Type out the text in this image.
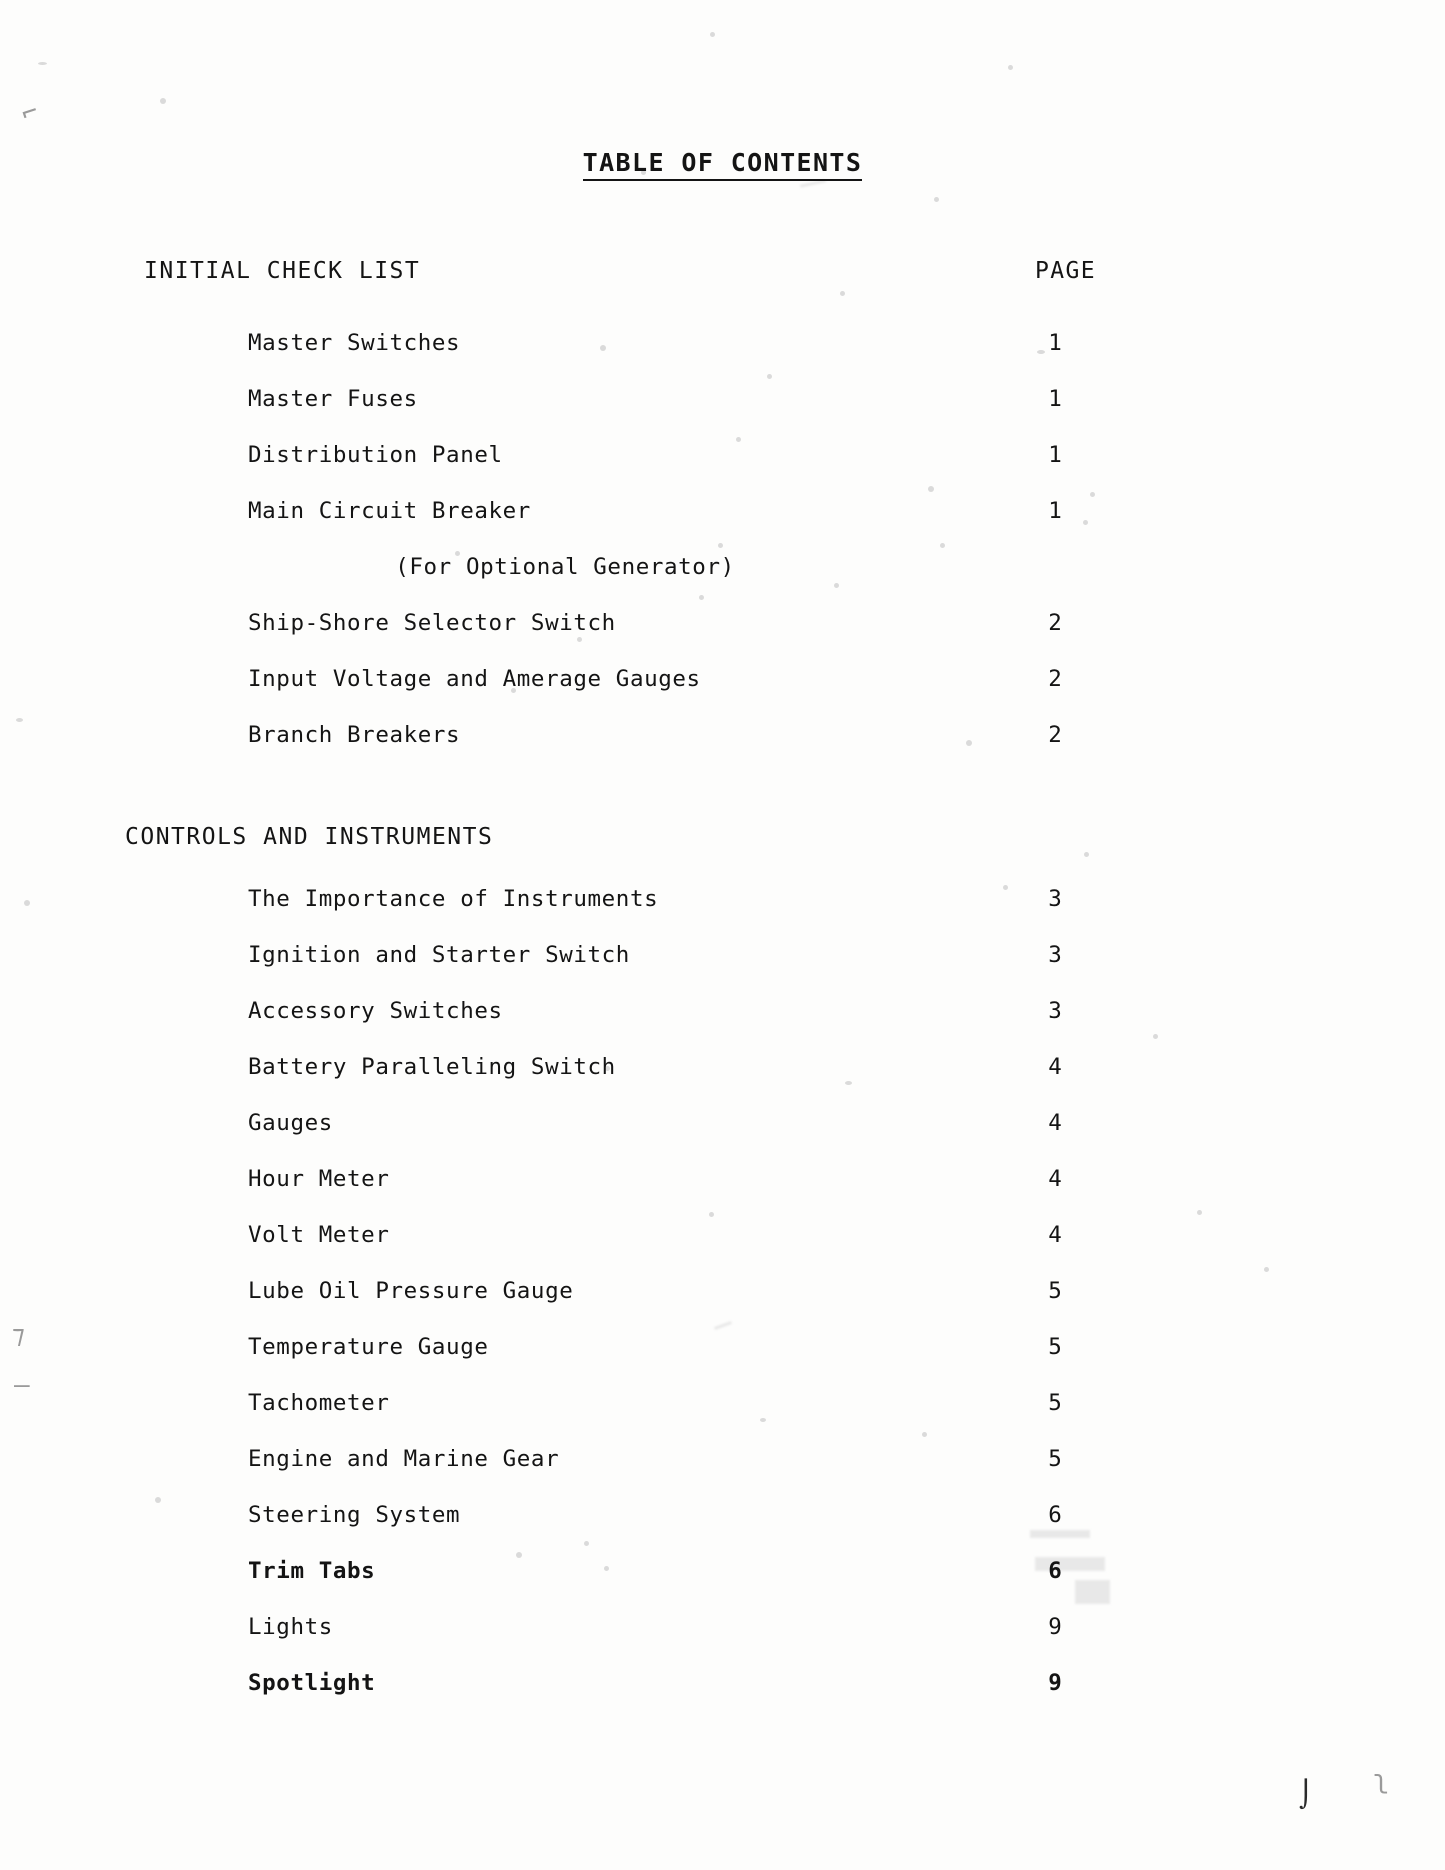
⌐
⁊
–
⌡ ʅ
TABLE OF CONTENTS
INITIAL CHECK LIST	PAGE
Master Switches	1
Master Fuses	1
Distribution Panel	1
Main Circuit Breaker	1
(For Optional Generator)
Ship-Shore Selector Switch	2
Input Voltage and Amerage Gauges	2
Branch Breakers	2
CONTROLS AND INSTRUMENTS
The Importance of Instruments	3
Ignition and Starter Switch	3
Accessory Switches	3
Battery Paralleling Switch	4
Gauges	4
Hour Meter	4
Volt Meter	4
Lube Oil Pressure Gauge	5
Temperature Gauge	5
Tachometer	5
Engine and Marine Gear	5
Steering System	6
Trim Tabs	6
Lights	9
Spotlight	9
